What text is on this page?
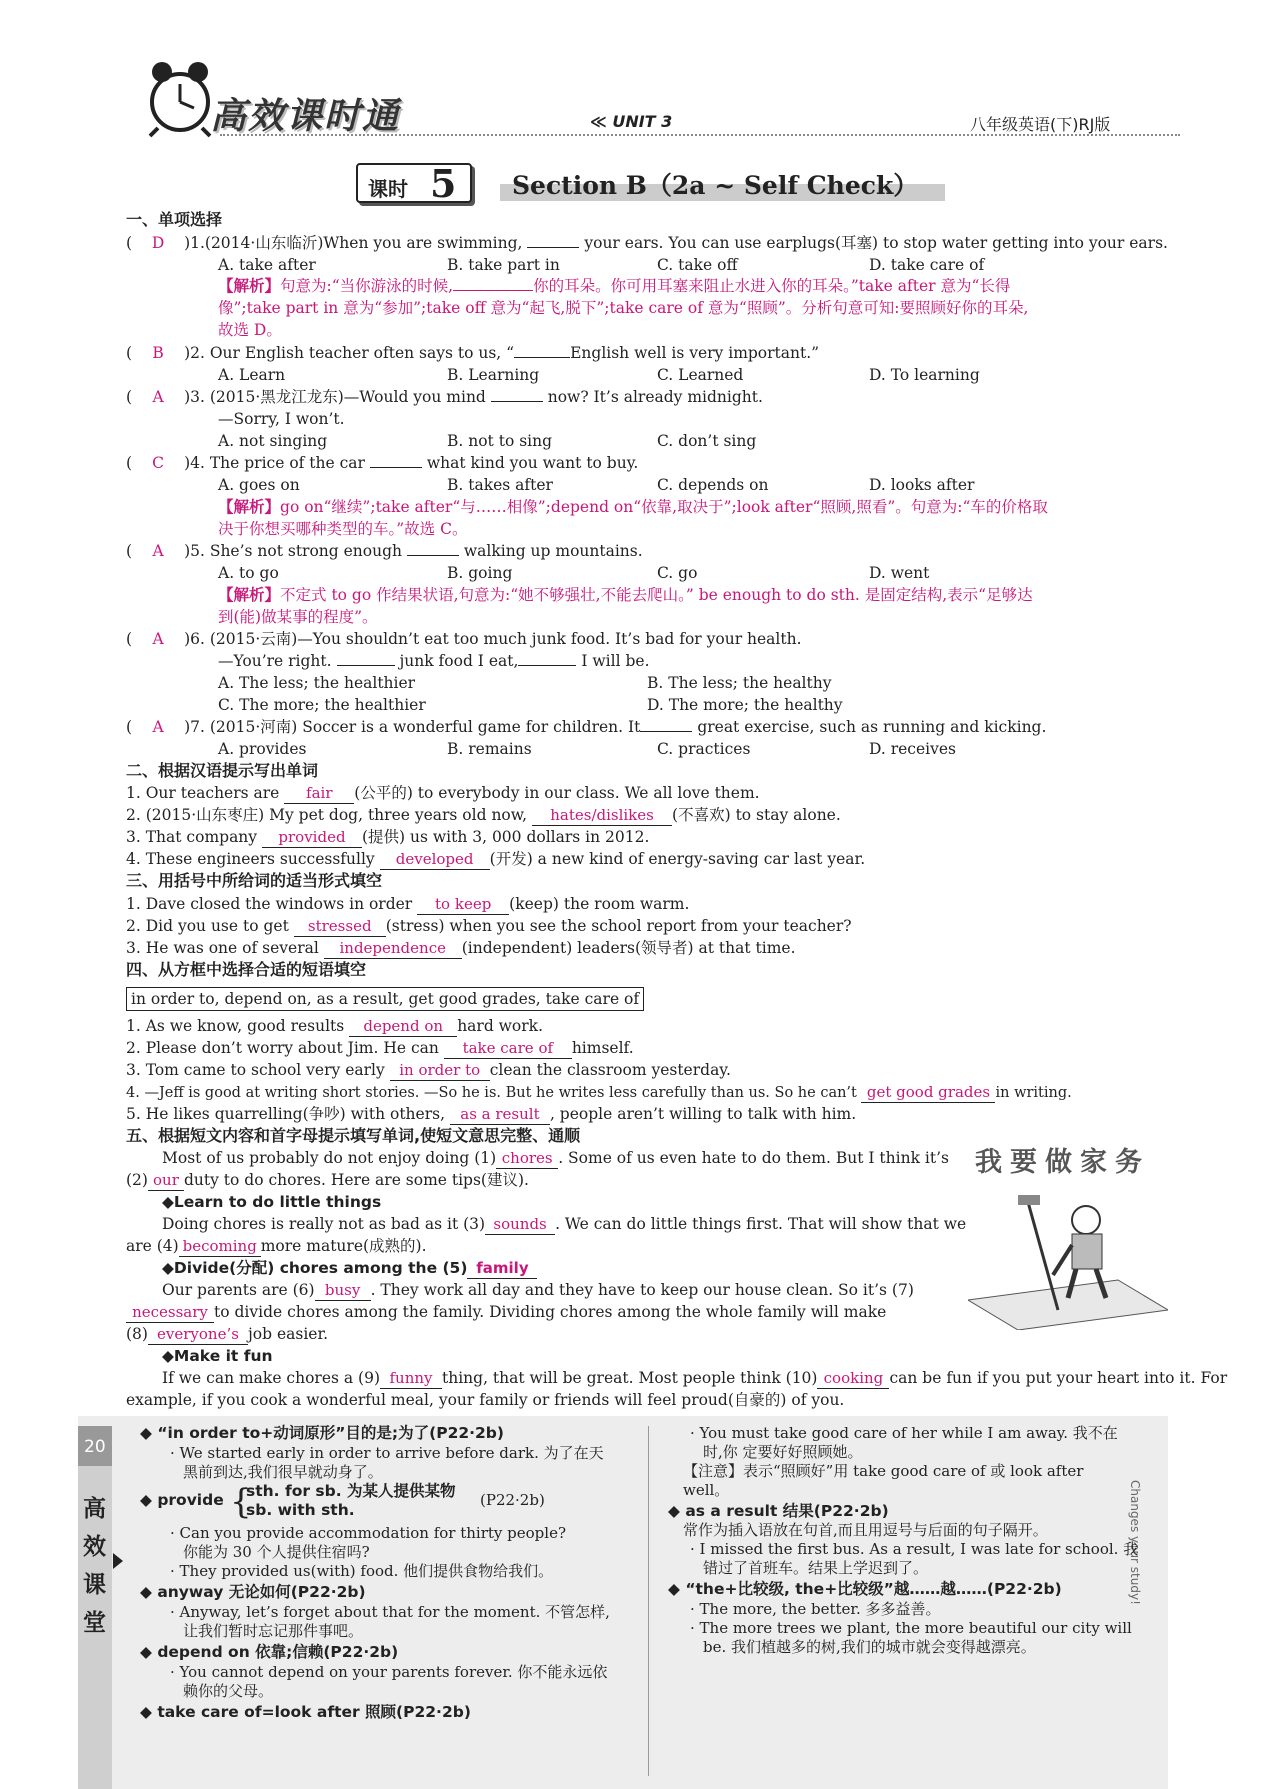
高效课时通	≪ UNIT 3	八年级英语(下)RJ版
课时 5 Section B（2a ~ Self Check）
一、单项选择
( D )1.(2014·山东临沂)When you are swimming,	your ears. You can use earplugs(耳塞) to stop water getting into your ears.
A. take after	B. take part in	C. take off	D. take care of
【解析】句意为:“当你游泳的时候,	你的耳朵。你可用耳塞来阻止水进入你的耳朵。”take after 意为“长得
像”;take part in 意为“参加”;take off 意为“起飞,脱下”;take care of 意为“照顾”。分析句意可知:要照顾好你的耳朵,
故选 D。
( B )2. Our English teacher often says to us, “	English well is very important.”
A. Learn	B. Learning	C. Learned	D. To learning
( A )3. (2015·黑龙江龙东)—Would you mind	now? It’s already midnight.
—Sorry, I won’t.
A. not singing	B. not to sing	C. don’t sing
( C )4. The price of the car	what kind you want to buy.
A. goes on	B. takes after	C. depends on	D. looks after
【解析】go on“继续”;take after“与……相像”;depend on“依靠,取决于”;look after“照顾,照看”。句意为:“车的价格取
决于你想买哪种类型的车。”故选 C。
( A )5. She’s not strong enough	walking up mountains.
A. to go	B. going	C. go	D. went
【解析】不定式 to go 作结果状语,句意为:“她不够强壮,不能去爬山。” be enough to do sth. 是固定结构,表示“足够达
到(能)做某事的程度”。
( A )6. (2015·云南)—You shouldn’t eat too much junk food. It’s bad for your health.
—You’re right.	junk food I eat,	I will be.
A. The less; the healthier	B. The less; the healthy
C. The more; the healthier	D. The more; the healthy
( A )7. (2015·河南) Soccer is a wonderful game for children. It	great exercise, such as running and kicking.
A. provides	B. remains	C. practices	D. receives
二、根据汉语提示写出单词
1. Our teachers are fair (公平的) to everybody in our class. We all love them.
2. (2015·山东枣庄) My pet dog, three years old now, hates/dislikes (不喜欢) to stay alone.
3. That company provided (提供) us with 3, 000 dollars in 2012.
4. These engineers successfully developed (开发) a new kind of energy-saving car last year.
三、用括号中所给词的适当形式填空
1. Dave closed the windows in order to keep (keep) the room warm.
2. Did you use to get stressed (stress) when you see the school report from your teacher?
3. He was one of several independence (independent) leaders(领导者) at that time.
四、从方框中选择合适的短语填空
in order to, depend on, as a result, get good grades, take care of
1. As we know, good results depend on hard work.
2. Please don’t worry about Jim. He can take care of himself.
3. Tom came to school very early in order to clean the classroom yesterday.
4. —Jeff is good at writing short stories. —So he is. But he writes less carefully than us. So he can’t get good grades in writing.
5. He likes quarrelling(争吵) with others, as a result , people aren’t willing to talk with him.
五、根据短文内容和首字母提示填写单词,使短文意思完整、通顺
我要做家务
Most of us probably do not enjoy doing (1) chores . Some of us even hate to do them. But I think it’s
(2) our duty to do chores. Here are some tips(建议).
◆Learn to do little things
Doing chores is really not as bad as it (3) sounds . We can do little things first. That will show that we
are (4) becoming more mature(成熟的).
◆Divide(分配) chores among the (5) family
Our parents are (6) busy . They work all day and they have to keep our house clean. So it’s (7)
necessary to divide chores among the family. Dividing chores among the whole family will make
(8) everyone’s job easier.
◆Make it fun
If we can make chores a (9) funny thing, that will be great. Most people think (10) cooking can be fun if you put your heart into it. For
example, if you cook a wonderful meal, your family or friends will feel proud(自豪的) of you.
20
高
效
课
堂
Changes your study!
◆ “in order to+动词原形”目的是;为了(P22·2b)
· We started early in order to arrive before dark. 为了在天
黑前到达,我们很早就动身了。
◆ provide {
sth. for sb. 为某人提供某物
sb. with sth.
(P22·2b)
· Can you provide accommodation for thirty people?
你能为 30 个人提供住宿吗?
· They provided us(with) food. 他们提供食物给我们。
◆ anyway 无论如何(P22·2b)
· Anyway, let’s forget about that for the moment. 不管怎样,
让我们暂时忘记那件事吧。
◆ depend on 依靠;信赖(P22·2b)
· You cannot depend on your parents forever. 你不能永远依
赖你的父母。
◆ take care of=look after 照顾(P22·2b)
· You must take good care of her while I am away. 我不在
时,你 定要好好照顾她。
【注意】表示“照顾好”用 take good care of 或 look after
well。
◆ as a result 结果(P22·2b)
常作为插入语放在句首,而且用逗号与后面的句子隔开。
· I missed the first bus. As a result, I was late for school. 我
错过了首班车。结果上学迟到了。
◆ “the+比较级, the+比较级”越……越……(P22·2b)
· The more, the better. 多多益善。
· The more trees we plant, the more beautiful our city will
be. 我们植越多的树,我们的城市就会变得越漂亮。
